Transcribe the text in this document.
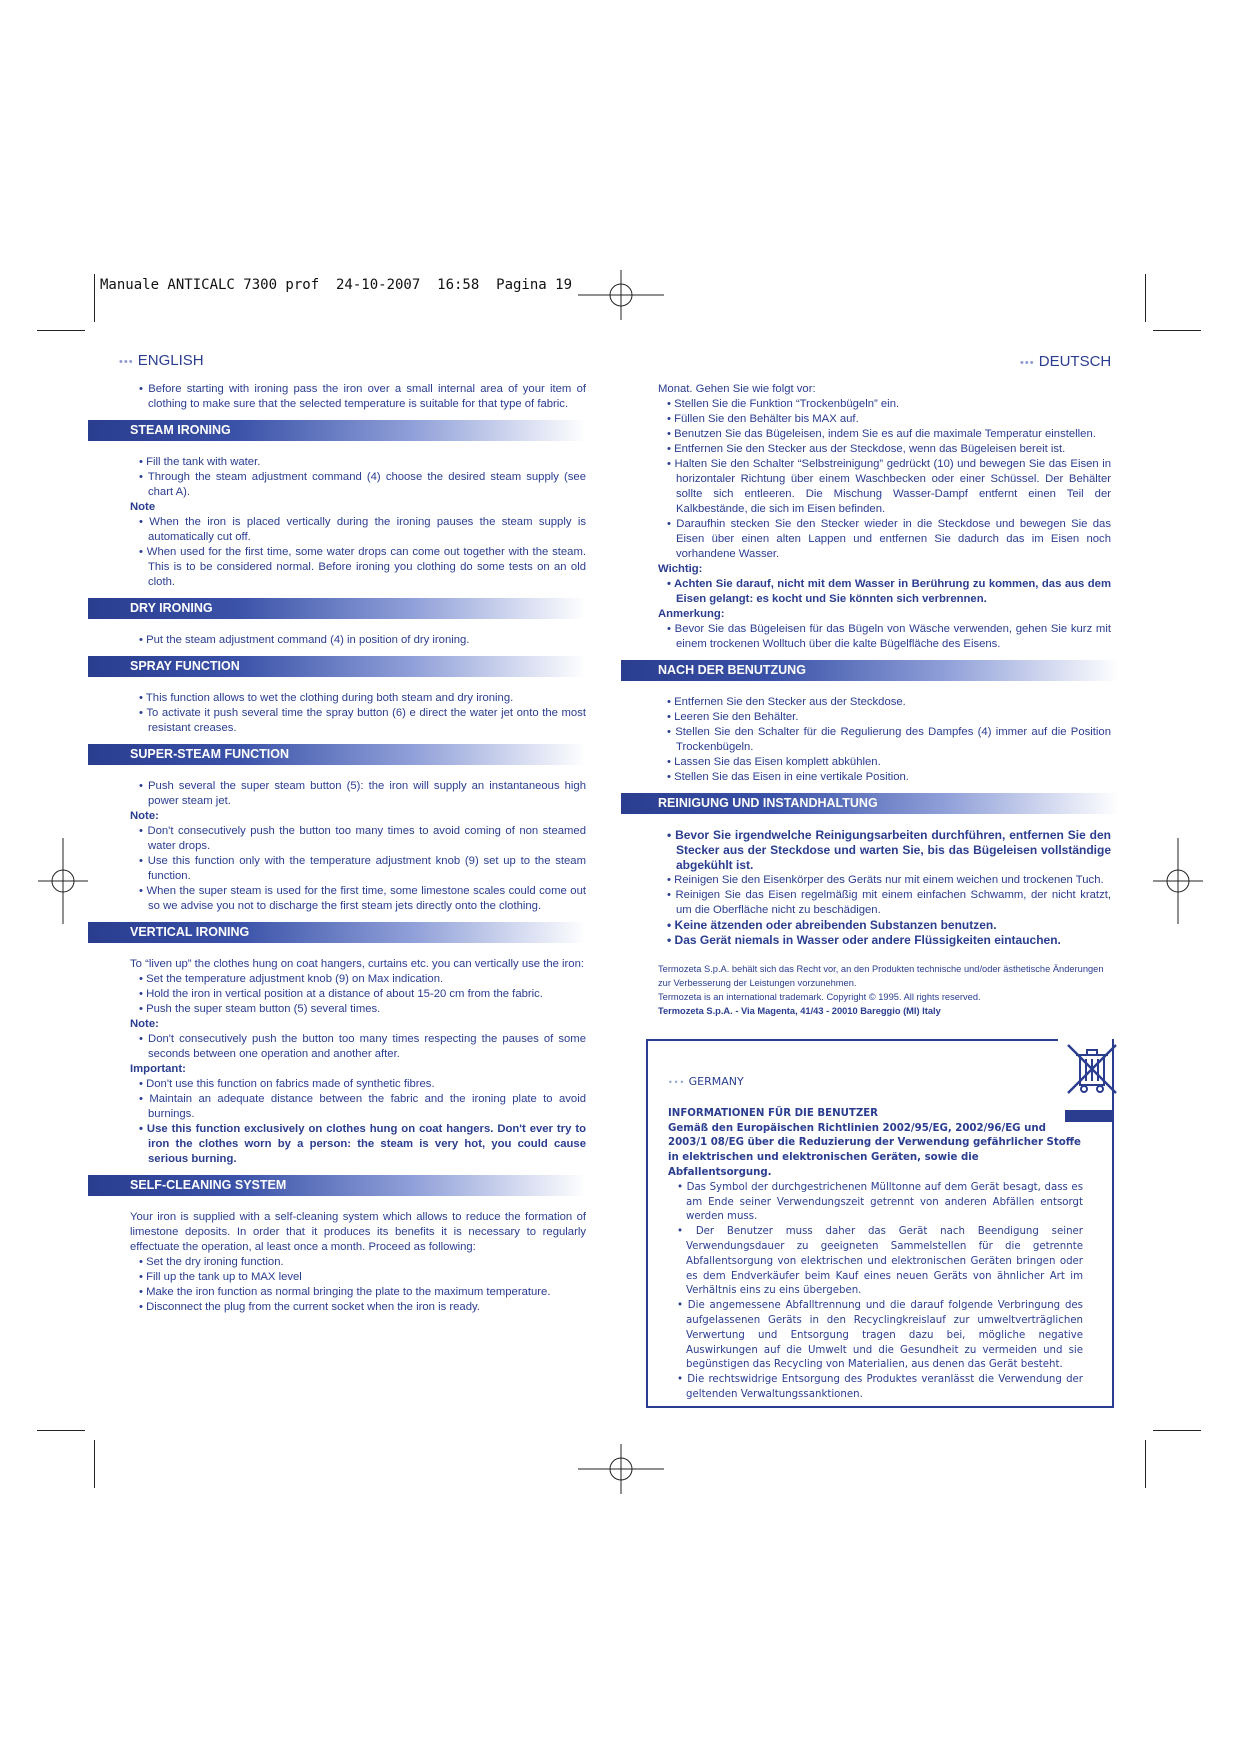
Manuale ANTICALC 7300 prof  24-10-2007  16:58  Pagina 19
••• ENGLISH

• Before starting with ironing pass the iron over a small internal area of your item of clothing to make sure that the selected temperature is suitable for that type of fabric.

STEAM IRONING

• Fill the tank with water.

• Through the steam adjustment command (4) choose the desired steam supply (see chart A).

Note

• When the iron is placed vertically during the ironing pauses the steam supply is automatically cut off.

• When used for the first time, some water drops can come out together with the steam. This is to be considered normal. Before ironing you clothing do some tests on an old cloth.

DRY IRONING

• Put the steam adjustment command (4) in position of dry ironing.

SPRAY FUNCTION

• This function allows to wet the clothing during both steam and dry ironing.

• To activate it push several time the spray button (6) e direct the water jet onto the most resistant creases.

SUPER-STEAM FUNCTION

• Push several the super steam button (5): the iron will supply an instantaneous high power steam jet.

Note:

• Don't consecutively push the button too many times to avoid coming of non steamed water drops.

• Use this function only with the temperature adjustment knob (9) set up to the steam function.

• When the super steam is used for the first time, some limestone scales could come out so we advise you not to discharge the first steam jets directly onto the clothing.

VERTICAL IRONING

To “liven up” the clothes hung on coat hangers, curtains etc. you can vertically use the iron:

• Set the temperature adjustment knob (9) on Max indication.

• Hold the iron in vertical position at a distance of about 15-20 cm from the fabric.

• Push the super steam button (5) several times.

Note:

• Don't consecutively push the button too many times respecting the pauses of some seconds between one operation and another after.

Important:

• Don't use this function on fabrics made of synthetic fibres.

• Maintain an adequate distance between the fabric and the ironing plate to avoid burnings.

• Use this function exclusively on clothes hung on coat hangers. Don't ever try to iron the clothes worn by a person: the steam is very hot, you could cause serious burning.

SELF-CLEANING SYSTEM

Your iron is supplied with a self-cleaning system which allows to reduce the formation of limestone deposits. In order that it produces its benefits it is necessary to regularly effectuate the operation, al least once a month. Proceed as following:

• Set the dry ironing function.

• Fill up the tank up to MAX level

• Make the iron function as normal bringing the plate to the maximum temperature.

• Disconnect the plug from the current socket when the iron is ready.

••• DEUTSCH

Monat. Gehen Sie wie folgt vor:

• Stellen Sie die Funktion “Trockenbügeln” ein.

• Füllen Sie den Behälter bis MAX auf.

• Benutzen Sie das Bügeleisen, indem Sie es auf die maximale Temperatur einstellen.

• Entfernen Sie den Stecker aus der Steckdose, wenn das Bügeleisen bereit ist.

• Halten Sie den Schalter “Selbstreinigung” gedrückt (10) und bewegen Sie das Eisen in horizontaler Richtung über einem Waschbecken oder einer Schüssel. Der Behälter sollte sich entleeren. Die Mischung Wasser-Dampf entfernt einen Teil der Kalkbestände, die sich im Eisen befinden.

• Daraufhin stecken Sie den Stecker wieder in die Steckdose und bewegen Sie das Eisen über einen alten Lappen und entfernen Sie dadurch das im Eisen noch vorhandene Wasser.

Wichtig:

• Achten Sie darauf, nicht mit dem Wasser in Berührung zu kommen, das aus dem Eisen gelangt: es kocht und Sie könnten sich verbrennen.

Anmerkung:

• Bevor Sie das Bügeleisen für das Bügeln von Wäsche verwenden, gehen Sie kurz mit einem trockenen Wolltuch über die kalte Bügelfläche des Eisens.

NACH DER BENUTZUNG

• Entfernen Sie den Stecker aus der Steckdose.

• Leeren Sie den Behälter.

• Stellen Sie den Schalter für die Regulierung des Dampfes (4) immer auf die Position Trockenbügeln.

• Lassen Sie das Eisen komplett abkühlen.

• Stellen Sie das Eisen in eine vertikale Position.

REINIGUNG UND INSTANDHALTUNG

• Bevor Sie irgendwelche Reinigungsarbeiten durchführen, entfernen Sie den Stecker aus der Steckdose und warten Sie, bis das Bügeleisen vollständige abgekühlt ist.

• Reinigen Sie den Eisenkörper des Geräts nur mit einem weichen und trockenen Tuch.

• Reinigen Sie das Eisen regelmäßig mit einem einfachen Schwamm, der nicht kratzt, um die Oberfläche nicht zu beschädigen.

• Keine ätzenden oder abreibenden Substanzen benutzen.

• Das Gerät niemals in Wasser oder andere Flüssigkeiten eintauchen.

Termozeta S.p.A. behält sich das Recht vor, an den Produkten technische und/oder ästhetische Änderungen zur Verbesserung der Leistungen vorzunehmen.

Termozeta is an international trademark. Copyright © 1995. All rights reserved.

Termozeta S.p.A. - Via Magenta, 41/43 - 20010 Bareggio (MI) Italy

••• GERMANY

INFORMATIONEN FÜR DIE BENUTZER

Gemäß den Europäischen Richtlinien 2002/95/EG, 2002/96/EG und 2003/1 08/EG über die Reduzierung der Verwendung gefährlicher Stoffe in elektrischen und elektronischen Geräten, sowie die Abfallentsorgung.

• Das Symbol der durchgestrichenen Mülltonne auf dem Gerät besagt, dass es am Ende seiner Verwendungszeit getrennt von anderen Abfällen entsorgt werden muss.

• Der Benutzer muss daher das Gerät nach Beendigung seiner Verwendungsdauer zu geeigneten Sammelstellen für die getrennte Abfallentsorgung von elektrischen und elektronischen Geräten bringen oder es dem Endverkäufer beim Kauf eines neuen Geräts von ähnlicher Art im Verhältnis eins zu eins übergeben.

• Die angemessene Abfalltrennung und die darauf folgende Verbringung des aufgelassenen Geräts in den Recyclingkreislauf zur umweltverträglichen Verwertung und Entsorgung tragen dazu bei, mögliche negative Auswirkungen auf die Umwelt und die Gesundheit zu vermeiden und sie begünstigen das Recycling von Materialien, aus denen das Gerät besteht.

• Die rechtswidrige Entsorgung des Produktes veranlässt die Verwendung der geltenden Verwaltungssanktionen.
